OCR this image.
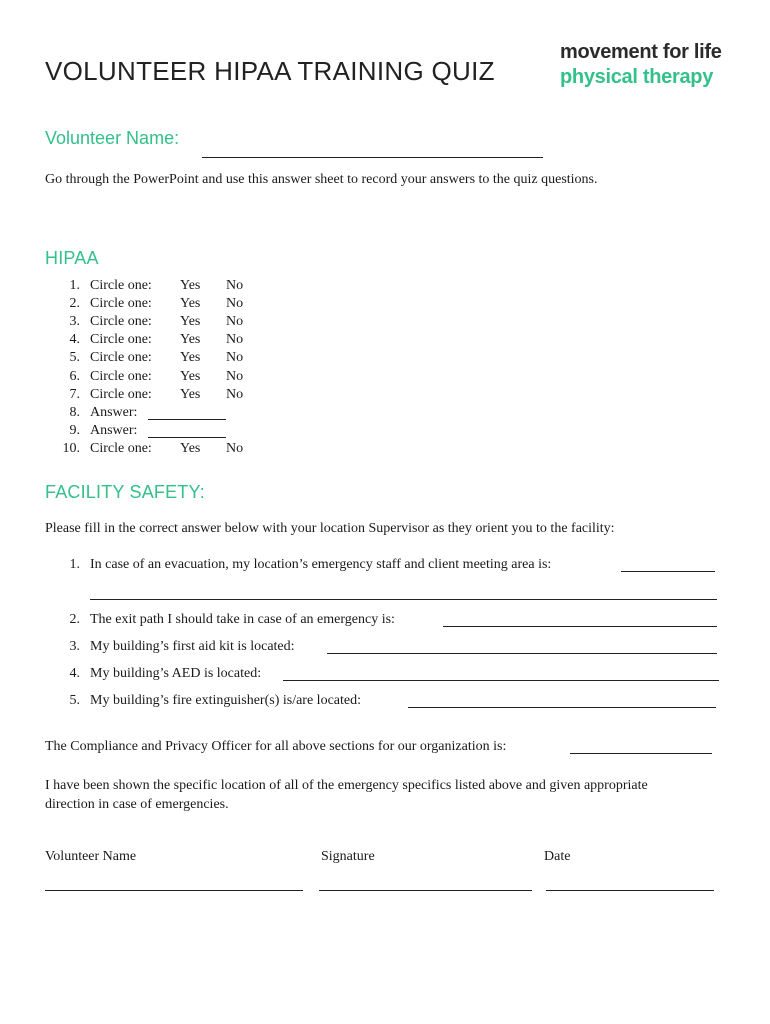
VOLUNTEER HIPAA TRAINING QUIZ
movement for life
physical therapy
Volunteer Name:
Go through the PowerPoint and use this answer sheet to record your answers to the quiz questions.
HIPAA
1. Circle one: Yes No
2. Circle one: Yes No
3. Circle one: Yes No
4. Circle one: Yes No
5. Circle one: Yes No
6. Circle one: Yes No
7. Circle one: Yes No
8. Answer:
9. Answer:
10. Circle one: Yes No
FACILITY SAFETY:
Please fill in the correct answer below with your location Supervisor as they orient you to the facility:
1. In case of an evacuation, my location’s emergency staff and client meeting area is:
2. The exit path I should take in case of an emergency is:
3. My building’s first aid kit is located:
4. My building’s AED is located:
5. My building’s fire extinguisher(s) is/are located:
The Compliance and Privacy Officer for all above sections for our organization is:
I have been shown the specific location of all of the emergency specifics listed above and given appropriate direction in case of emergencies.
Volunteer Name	Signature	Date
